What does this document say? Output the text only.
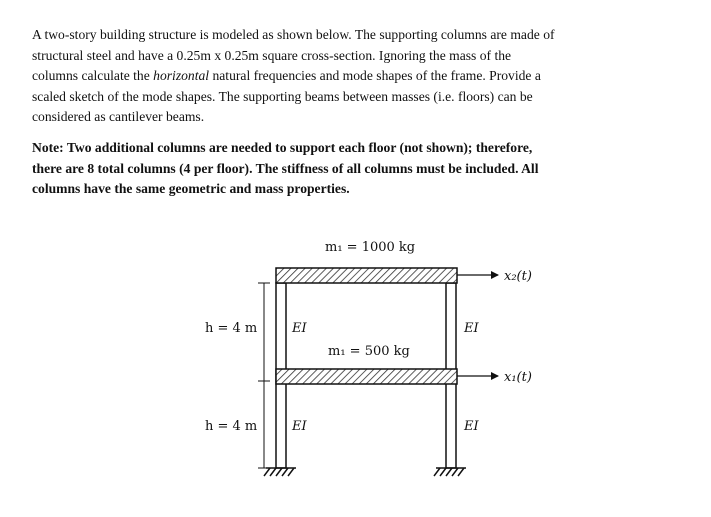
A two-story building structure is modeled as shown below. The supporting columns are made of

structural steel and have a 0.25m x 0.25m square cross-section. Ignoring the mass of the

columns calculate the horizontal natural frequencies and mode shapes of the frame. Provide a

scaled sketch of the mode shapes. The supporting beams between masses (i.e. floors) can be

considered as cantilever beams.

Note: Two additional columns are needed to support each floor (not shown); therefore,

there are 8 total columns (4 per floor). The stiffness of all columns must be included. All

columns have the same geometric and mass properties.

m₁ = 1000 kg
m₁ = 500 kg
x₂(t)
x₁(t)
h = 4 m
h = 4 m
EI	EI
EI	EI
